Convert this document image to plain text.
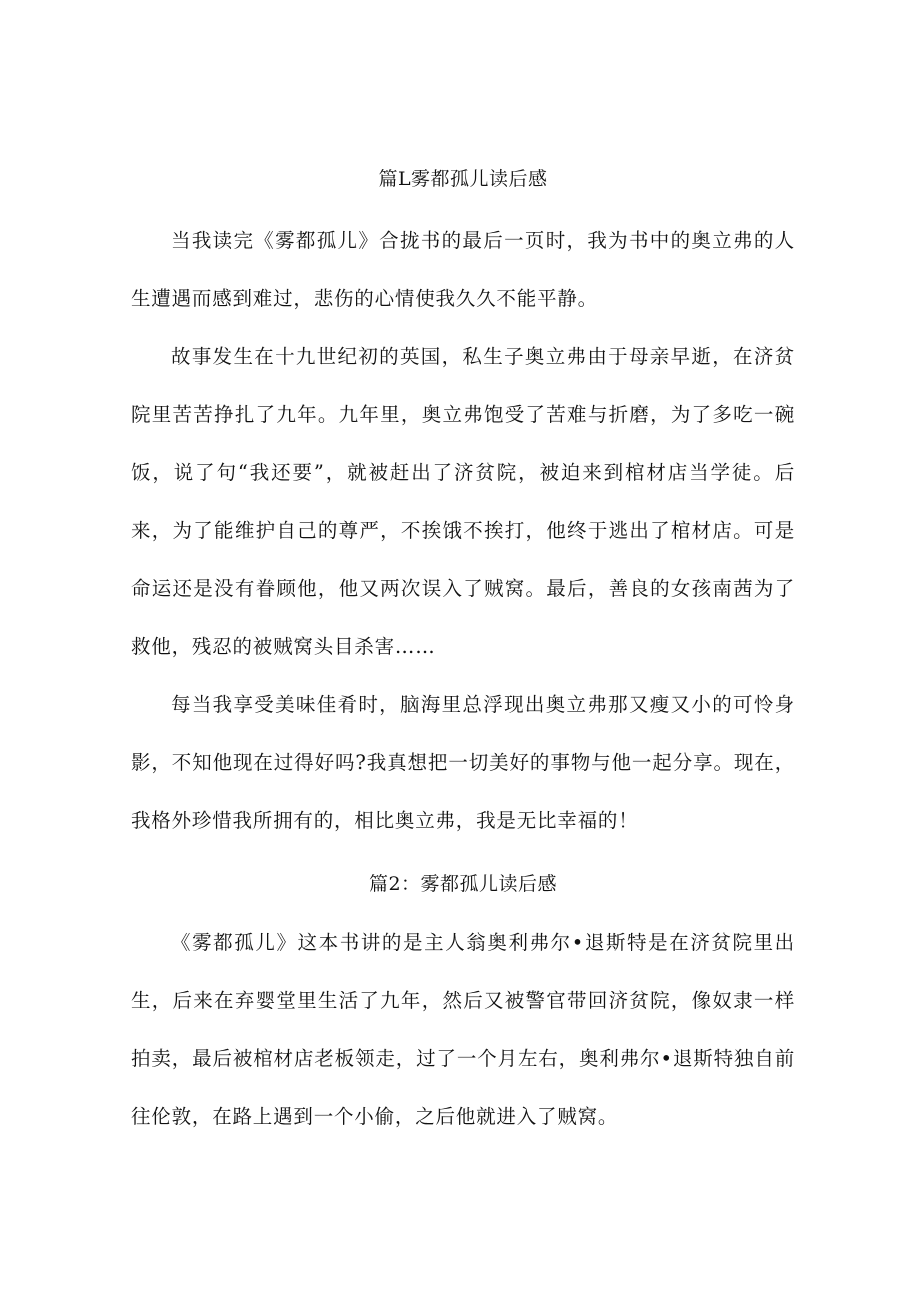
篇L雾都孤儿读后感

当我读完《雾都孤儿》合拢书的最后一页时，我为书中的奥立弗的人生遭遇而感到难过，悲伤的心情使我久久不能平静。

故事发生在十九世纪初的英国，私生子奥立弗由于母亲早逝，在济贫院里苦苦挣扎了九年。九年里，奥立弗饱受了苦难与折磨，为了多吃一碗饭，说了句“我还要”，就被赶出了济贫院，被迫来到棺材店当学徒。后来，为了能维护自己的尊严，不挨饿不挨打，他终于逃出了棺材店。可是命运还是没有眷顾他，他又两次误入了贼窝。最后，善良的女孩南茜为了救他，残忍的被贼窝头目杀害……

每当我享受美味佳肴时，脑海里总浮现出奥立弗那又瘦又小的可怜身影，不知他现在过得好吗?我真想把一切美好的事物与他一起分享。现在，我格外珍惜我所拥有的，相比奥立弗，我是无比幸福的！

篇2：雾都孤儿读后感

《雾都孤儿》这本书讲的是主人翁奥利弗尔•退斯特是在济贫院里出生，后来在弃婴堂里生活了九年，然后又被警官带回济贫院，像奴隶一样拍卖，最后被棺材店老板领走，过了一个月左右，奥利弗尔•退斯特独自前往伦敦，在路上遇到一个小偷，之后他就进入了贼窝。
